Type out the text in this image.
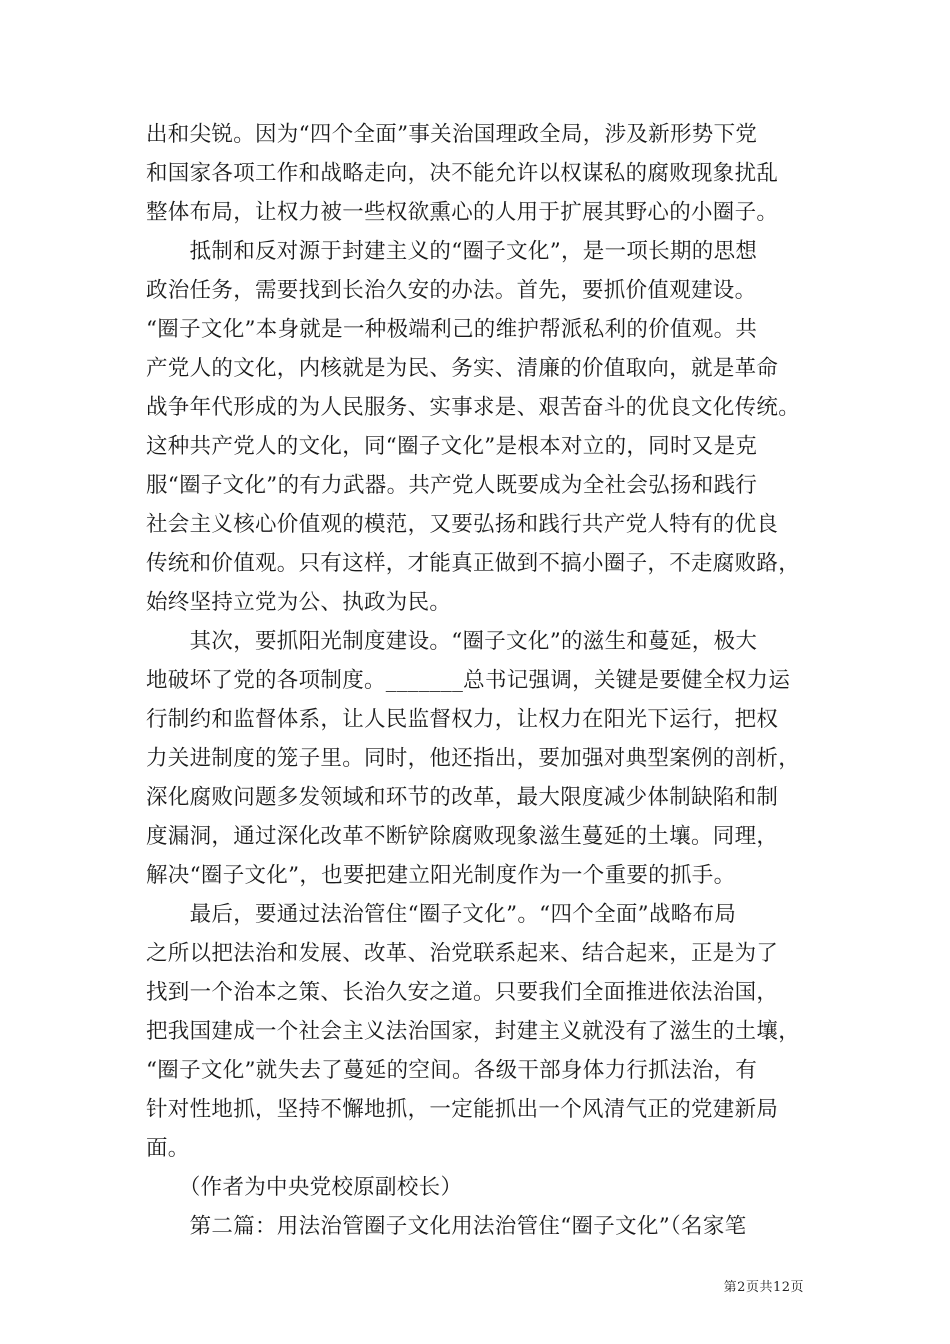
出和尖锐。因为“四个全面”事关治国理政全局，涉及新形势下党
和国家各项工作和战略走向，决不能允许以权谋私的腐败现象扰乱
整体布局，让权力被一些权欲熏心的人用于扩展其野心的小圈子。
　　抵制和反对源于封建主义的“圈子文化”，是一项长期的思想
政治任务，需要找到长治久安的办法。首先，要抓价值观建设。
“圈子文化”本身就是一种极端利己的维护帮派私利的价值观。共
产党人的文化，内核就是为民、务实、清廉的价值取向，就是革命
战争年代形成的为人民服务、实事求是、艰苦奋斗的优良文化传统。
这种共产党人的文化，同“圈子文化”是根本对立的，同时又是克
服“圈子文化”的有力武器。共产党人既要成为全社会弘扬和践行
社会主义核心价值观的模范，又要弘扬和践行共产党人特有的优良
传统和价值观。只有这样，才能真正做到不搞小圈子，不走腐败路，
始终坚持立党为公、执政为民。
　　其次，要抓阳光制度建设。“圈子文化”的滋生和蔓延，极大
地破坏了党的各项制度。_______总书记强调，关键是要健全权力运
行制约和监督体系，让人民监督权力，让权力在阳光下运行，把权
力关进制度的笼子里。同时，他还指出，要加强对典型案例的剖析，
深化腐败问题多发领域和环节的改革，最大限度减少体制缺陷和制
度漏洞，通过深化改革不断铲除腐败现象滋生蔓延的土壤。同理，
解决“圈子文化”，也要把建立阳光制度作为一个重要的抓手。
　　最后，要通过法治管住“圈子文化”。“四个全面”战略布局
之所以把法治和发展、改革、治党联系起来、结合起来，正是为了
找到一个治本之策、长治久安之道。只要我们全面推进依法治国，
把我国建成一个社会主义法治国家，封建主义就没有了滋生的土壤，
“圈子文化”就失去了蔓延的空间。各级干部身体力行抓法治，有
针对性地抓，坚持不懈地抓，一定能抓出一个风清气正的党建新局
面。
　　（作者为中央党校原副校长）
　　第二篇：用法治管圈子文化用法治管住“圈子文化”（名家笔
第2页共12页
